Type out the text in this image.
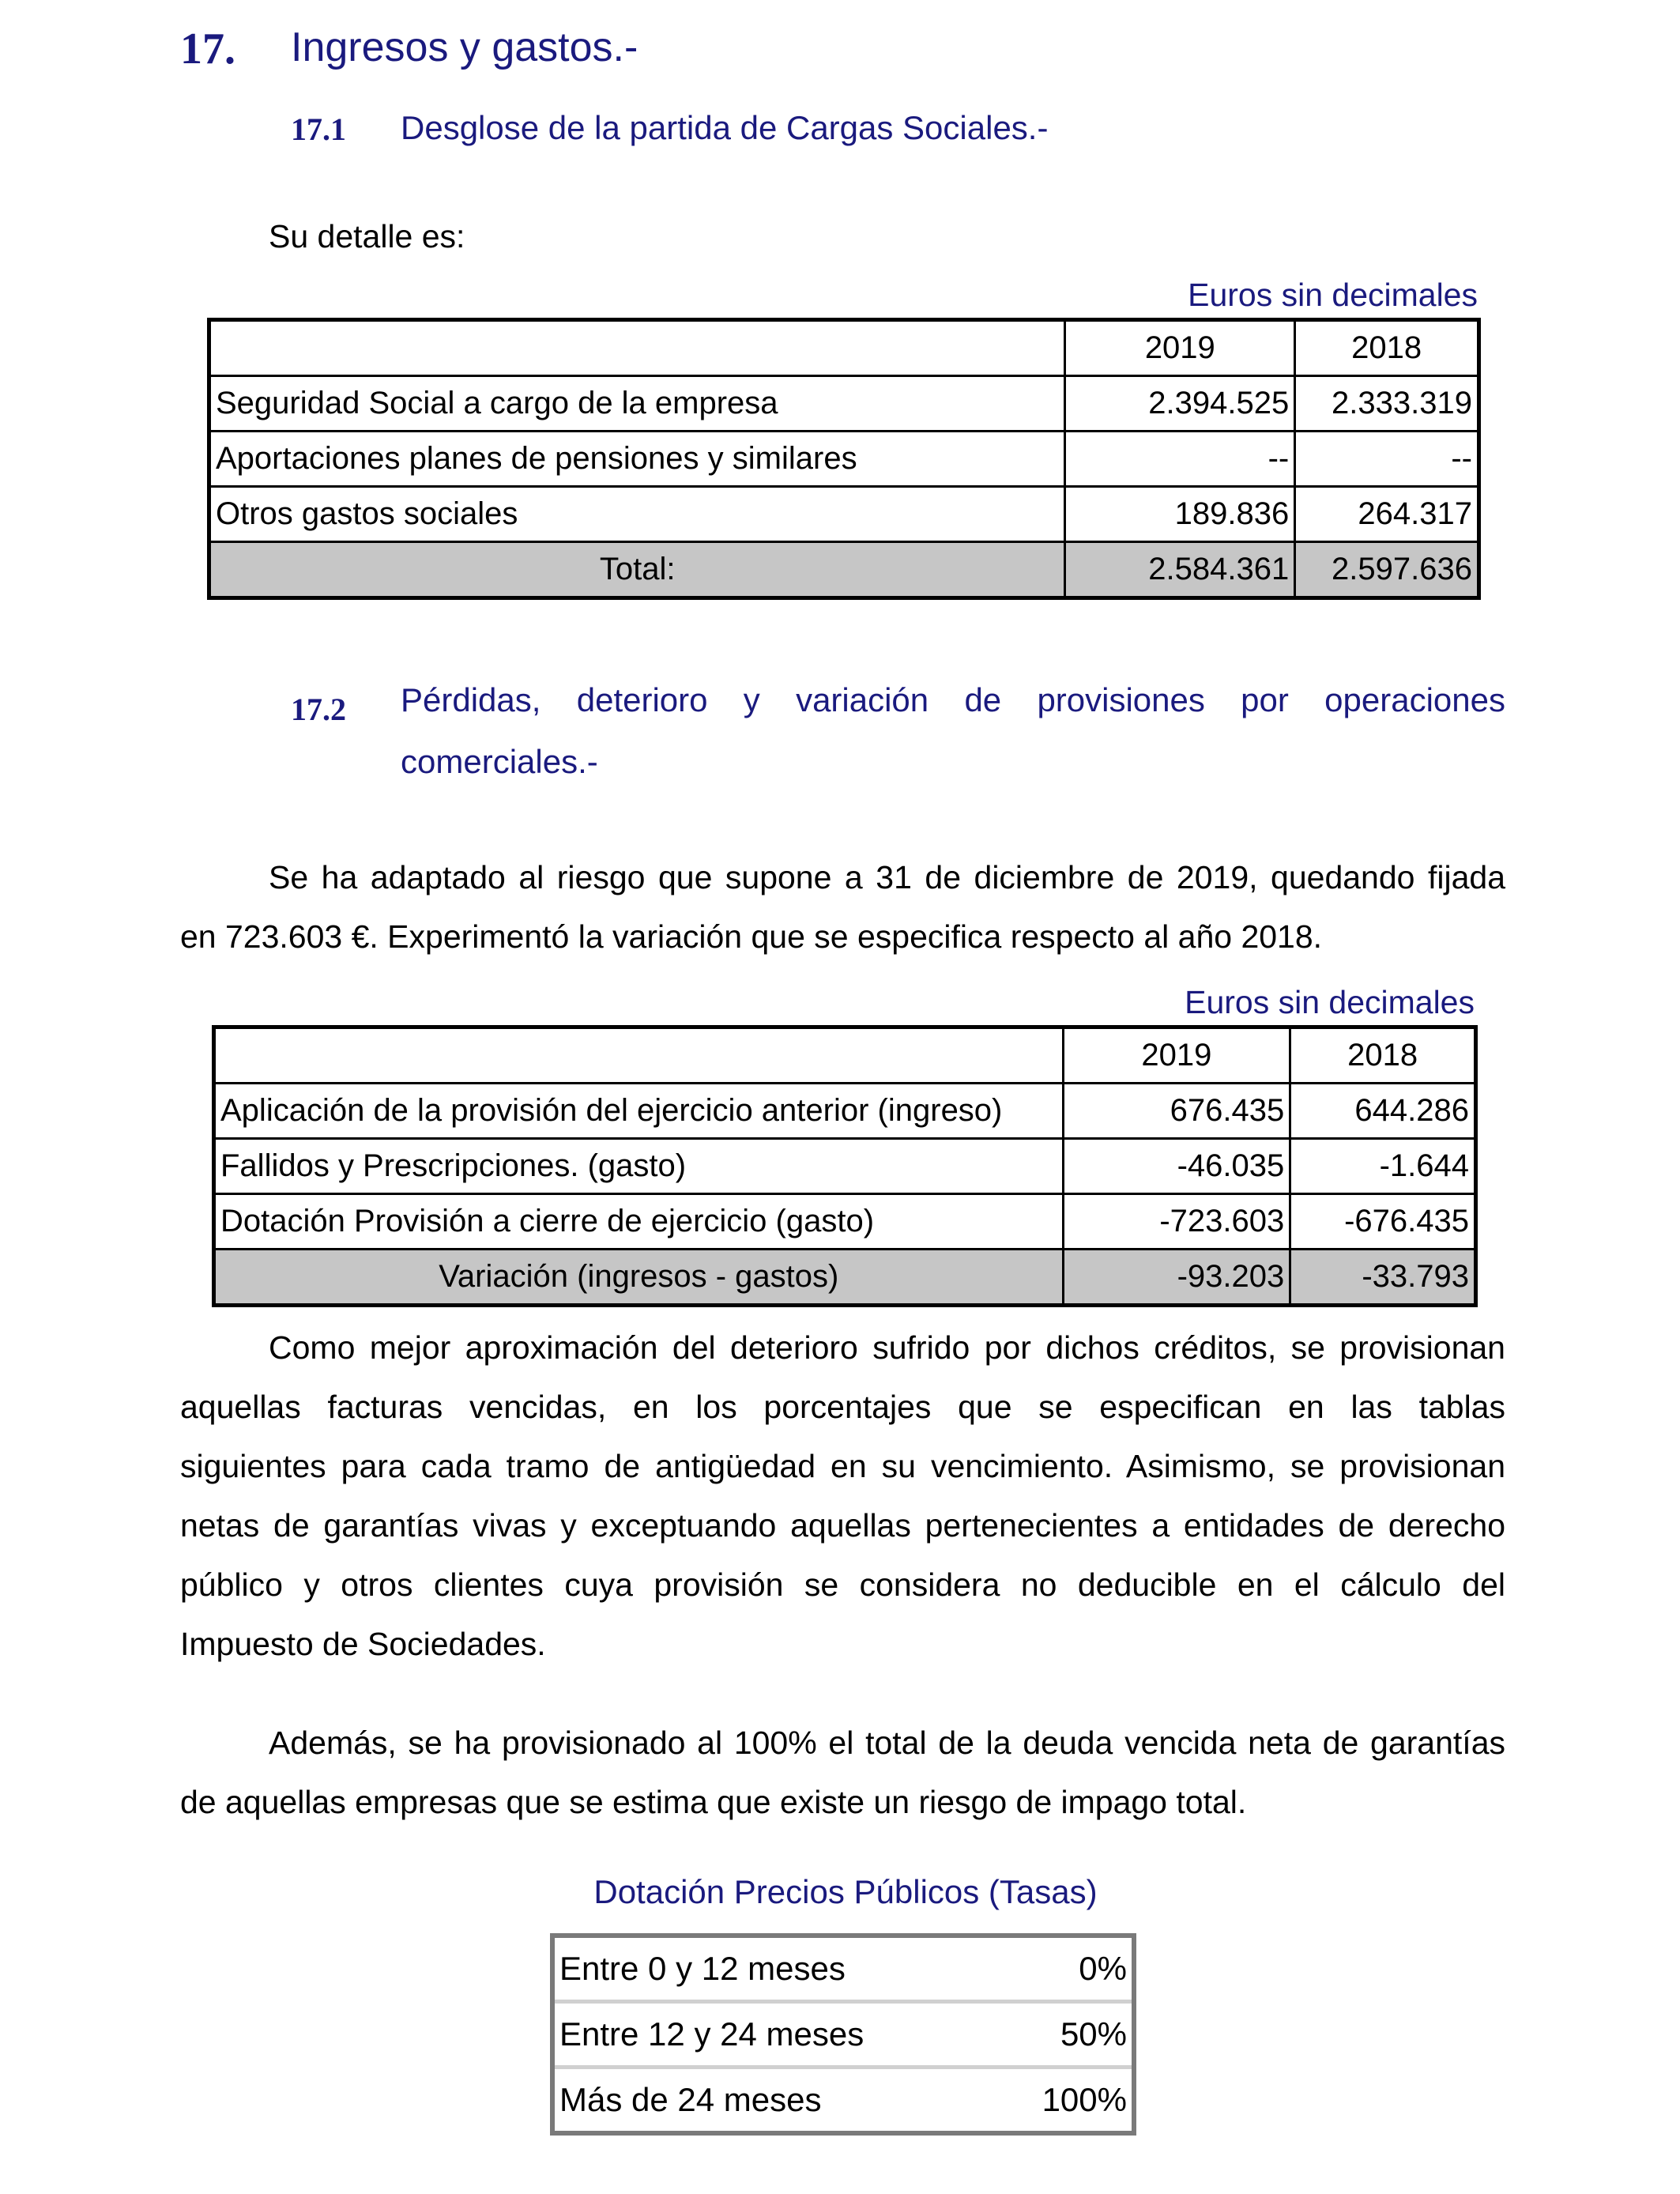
17. Ingresos y gastos.-
17.1 Desglose de la partida de Cargas Sociales.-
Su detalle es:
Euros sin decimales
	2019	2018
Seguridad Social a cargo de la empresa	2.394.525	2.333.319
Aportaciones planes de pensiones y similares	--	--
Otros gastos sociales	189.836	264.317
Total:	2.584.361	2.597.636
17.2 Pérdidas, deterioro y variación de provisiones por operaciones
comerciales.-
Se ha adaptado al riesgo que supone a 31 de diciembre de 2019, quedando fijada
en 723.603 €. Experimentó la variación que se especifica respecto al año 2018.
Euros sin decimales
	2019	2018
Aplicación de la provisión del ejercicio anterior (ingreso)	676.435	644.286
Fallidos y Prescripciones. (gasto)	-46.035	-1.644
Dotación Provisión a cierre de ejercicio (gasto)	-723.603	-676.435
Variación (ingresos - gastos)	-93.203	-33.793
Como mejor aproximación del deterioro sufrido por dichos créditos, se provisionan
aquellas facturas vencidas, en los porcentajes que se especifican en las tablas
siguientes para cada tramo de antigüedad en su vencimiento. Asimismo, se provisionan
netas de garantías vivas y exceptuando aquellas pertenecientes a entidades de derecho
público y otros clientes cuya provisión se considera no deducible en el cálculo del
Impuesto de Sociedades.
Además, se ha provisionado al 100% el total de la deuda vencida neta de garantías
de aquellas empresas que se estima que existe un riesgo de impago total.
Dotación Precios Públicos (Tasas)
Entre 0 y 12 meses	0%
Entre 12 y 24 meses	50%
Más de 24 meses	100%
